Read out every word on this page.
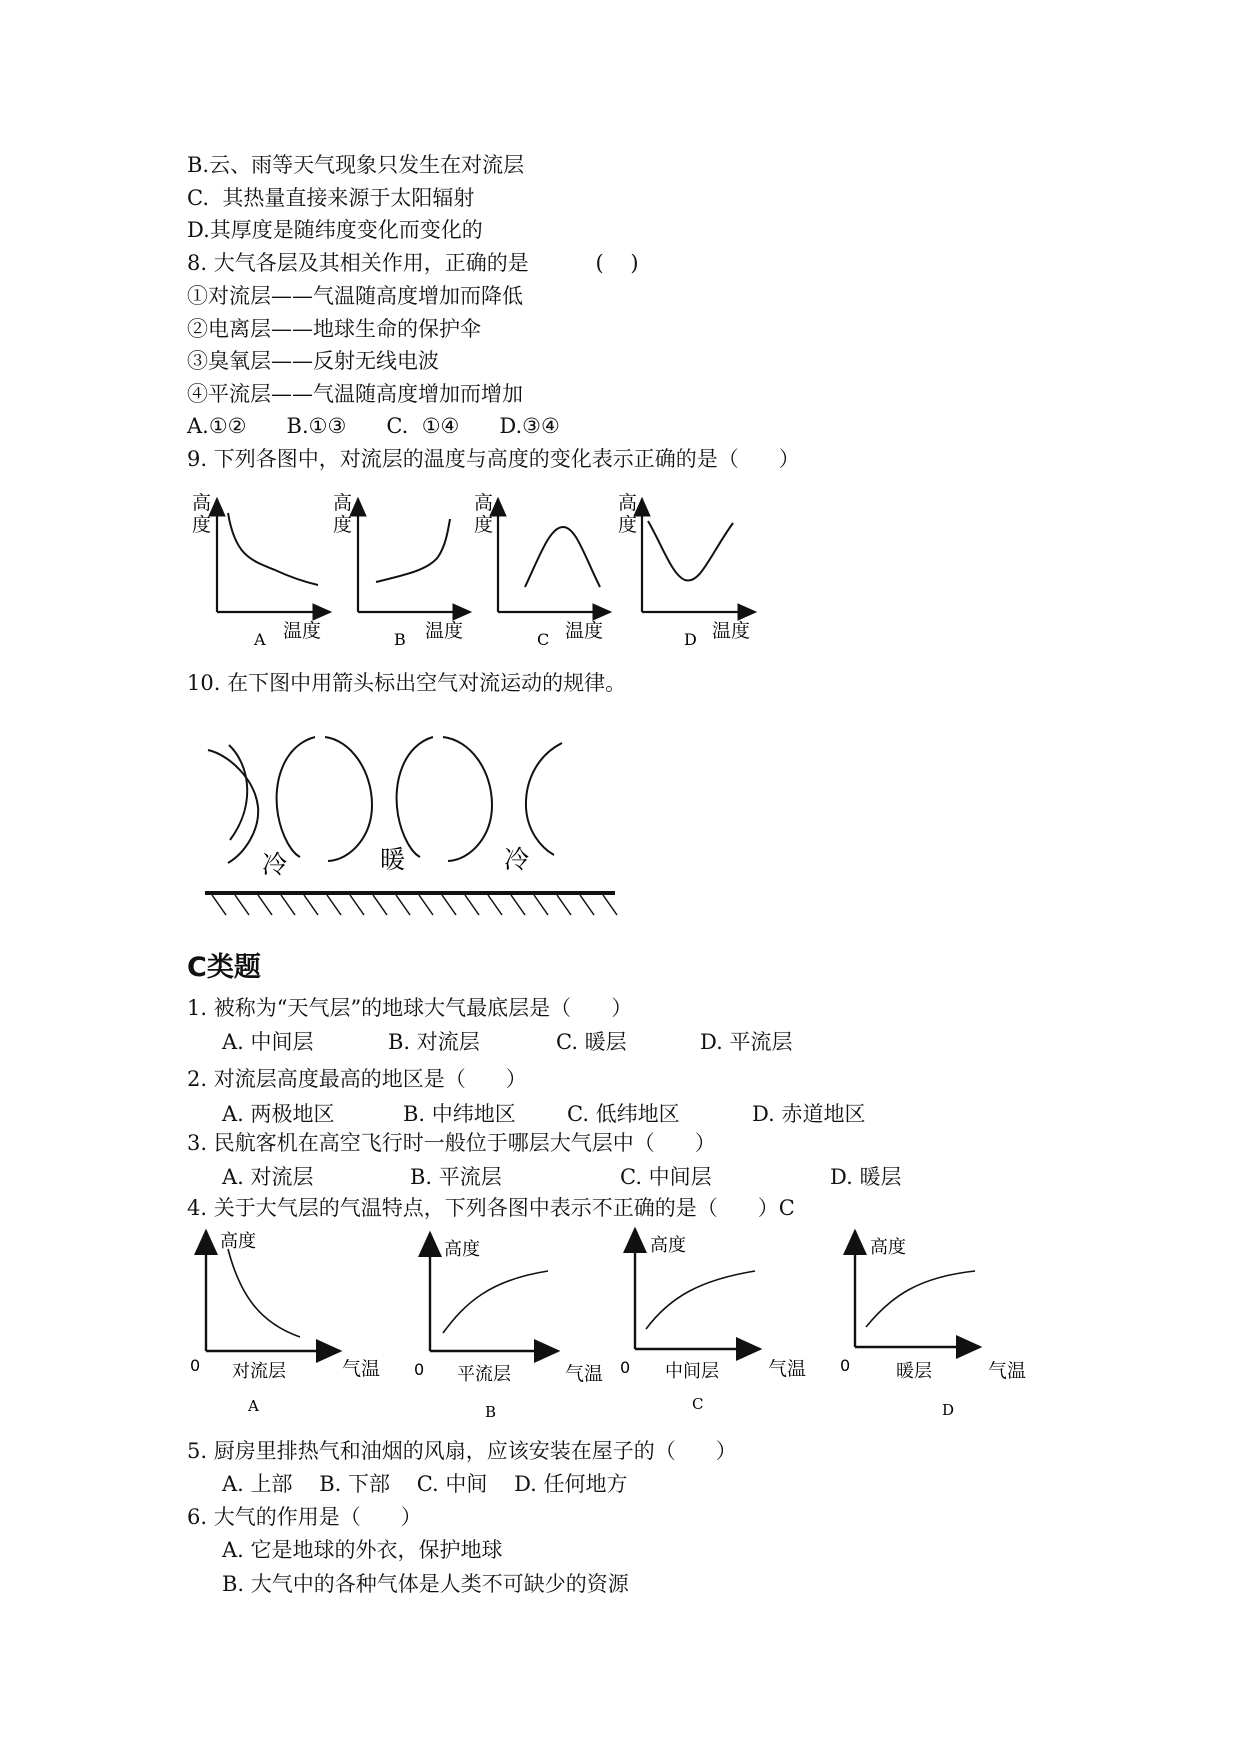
B.云、雨等天气现象只发生在对流层
C.  其热量直接来源于太阳辐射
D.其厚度是随纬度变化而变化的
8. 大气各层及其相关作用，正确的是          (    )
①对流层——气温随高度增加而降低
②电离层——地球生命的保护伞
③臭氧层——反射无线电波
④平流层——气温随高度增加而增加
A.①②      B.①③      C.  ①④      D.③④
9. 下列各图中，对流层的温度与高度的变化表示正确的是（      ）
高
度
A 温度
高
度
B 温度
高
度
C 温度
高
度
D 温度
10. 在下图中用箭头标出空气对流运动的规律。
冷	暖	冷
C类题
1. 被称为“天气层”的地球大气最底层是（      ）
A. 中间层	B. 对流层	C. 暖层	D. 平流层
2. 对流层高度最高的地区是（      ）
A. 两极地区	B. 中纬地区 C. 低纬地区	D. 赤道地区
3. 民航客机在高空飞行时一般位于哪层大气层中（      ）
A. 对流层	B. 平流层	C. 中间层	D. 暖层
4. 关于大气层的气温特点，下列各图中表示不正确的是（      ）C
高度
0 对流层	气温
A
高度
0 平流层	气温
B
高度
0 中间层	气温
C
高度
0	暖层	气温
D
5. 厨房里排热气和油烟的风扇，应该安装在屋子的（      ）
A. 上部    B. 下部    C. 中间    D. 任何地方
6. 大气的作用是（      ）
A. 它是地球的外衣，保护地球
B. 大气中的各种气体是人类不可缺少的资源
